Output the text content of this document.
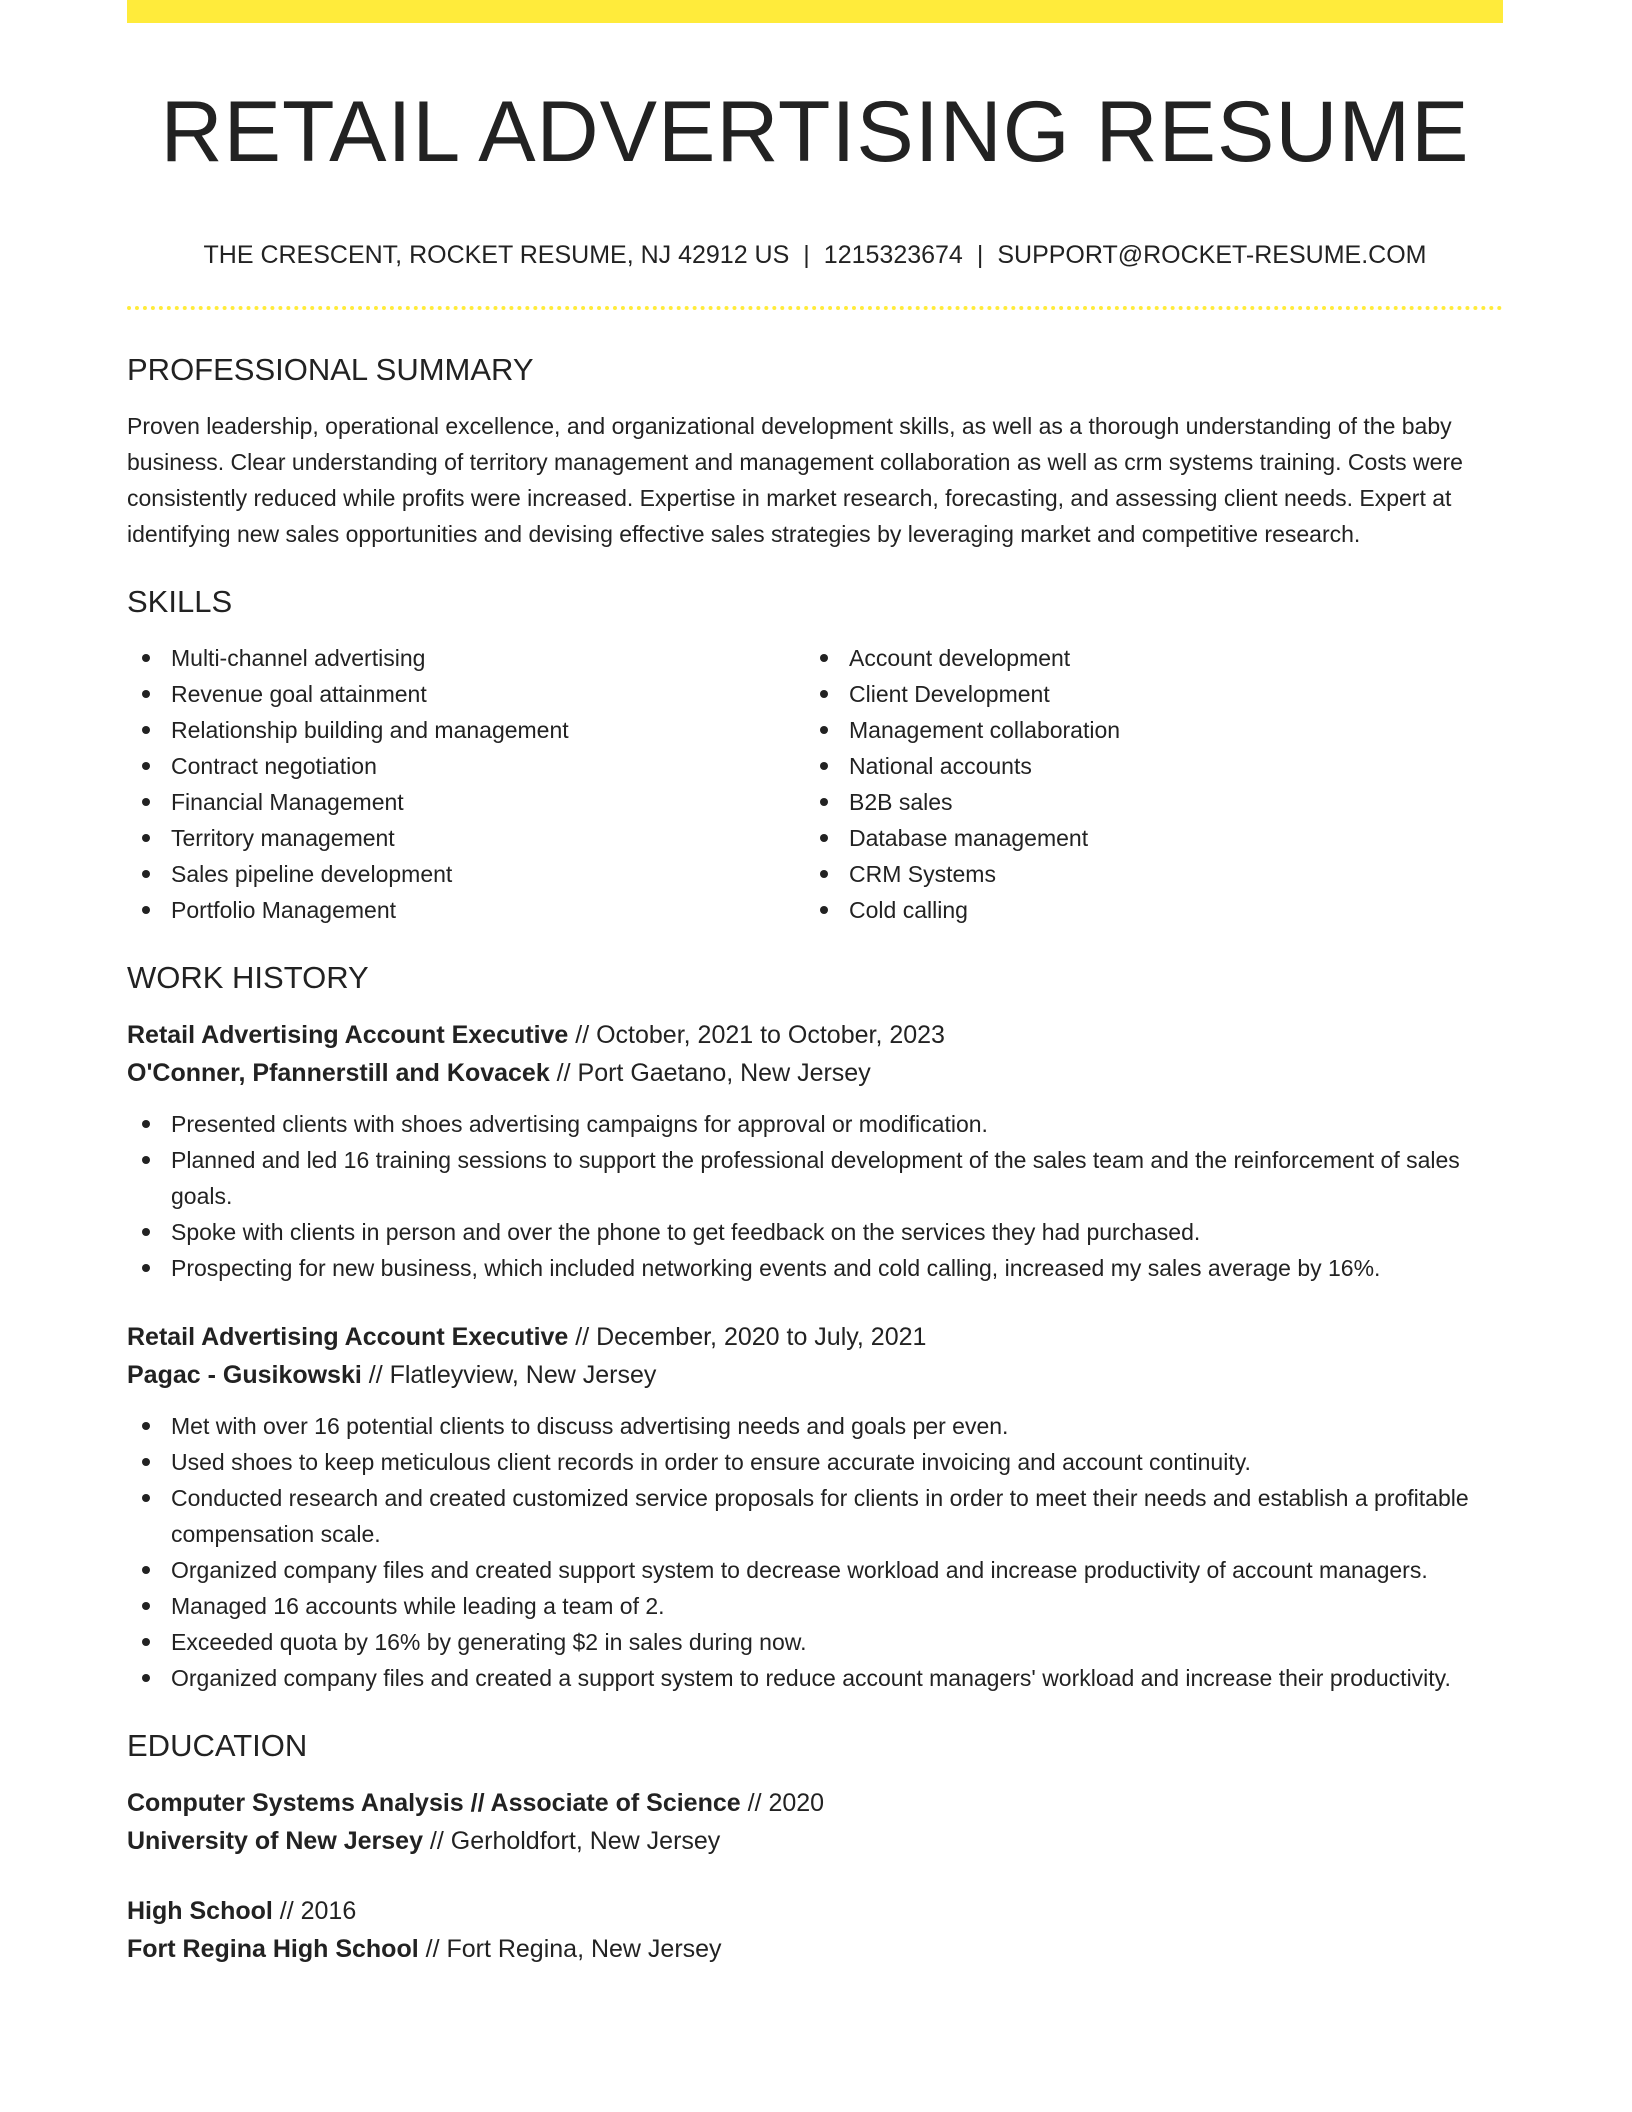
RETAIL ADVERTISING RESUME
THE CRESCENT, ROCKET RESUME, NJ 42912 US | 1215323674 | SUPPORT@ROCKET-RESUME.COM
PROFESSIONAL SUMMARY

Proven leadership, operational excellence, and organizational development skills, as well as a thorough understanding of the baby business. Clear understanding of territory management and management collaboration as well as crm systems training. Costs were consistently reduced while profits were increased. Expertise in market research, forecasting, and assessing client needs. Expert at identifying new sales opportunities and devising effective sales strategies by leveraging market and competitive research.

SKILLS
Multi-channel advertising
Revenue goal attainment
Relationship building and management
Contract negotiation
Financial Management
Territory management
Sales pipeline development
Portfolio Management
Account development
Client Development
Management collaboration
National accounts
B2B sales
Database management
CRM Systems
Cold calling
WORK HISTORY
Retail Advertising Account Executive // October, 2021 to October, 2023
O'Conner, Pfannerstill and Kovacek // Port Gaetano, New Jersey
Presented clients with shoes advertising campaigns for approval or modification.
Planned and led 16 training sessions to support the professional development of the sales team and the reinforcement of sales goals.
Spoke with clients in person and over the phone to get feedback on the services they had purchased.
Prospecting for new business, which included networking events and cold calling, increased my sales average by 16%.
Retail Advertising Account Executive // December, 2020 to July, 2021
Pagac - Gusikowski // Flatleyview, New Jersey
Met with over 16 potential clients to discuss advertising needs and goals per even.
Used shoes to keep meticulous client records in order to ensure accurate invoicing and account continuity.
Conducted research and created customized service proposals for clients in order to meet their needs and establish a profitable compensation scale.
Organized company files and created support system to decrease workload and increase productivity of account managers.
Managed 16 accounts while leading a team of 2.
Exceeded quota by 16% by generating $2 in sales during now.
Organized company files and created a support system to reduce account managers' workload and increase their productivity.
EDUCATION
Computer Systems Analysis // Associate of Science // 2020
University of New Jersey // Gerholdfort, New Jersey
High School // 2016
Fort Regina High School // Fort Regina, New Jersey
